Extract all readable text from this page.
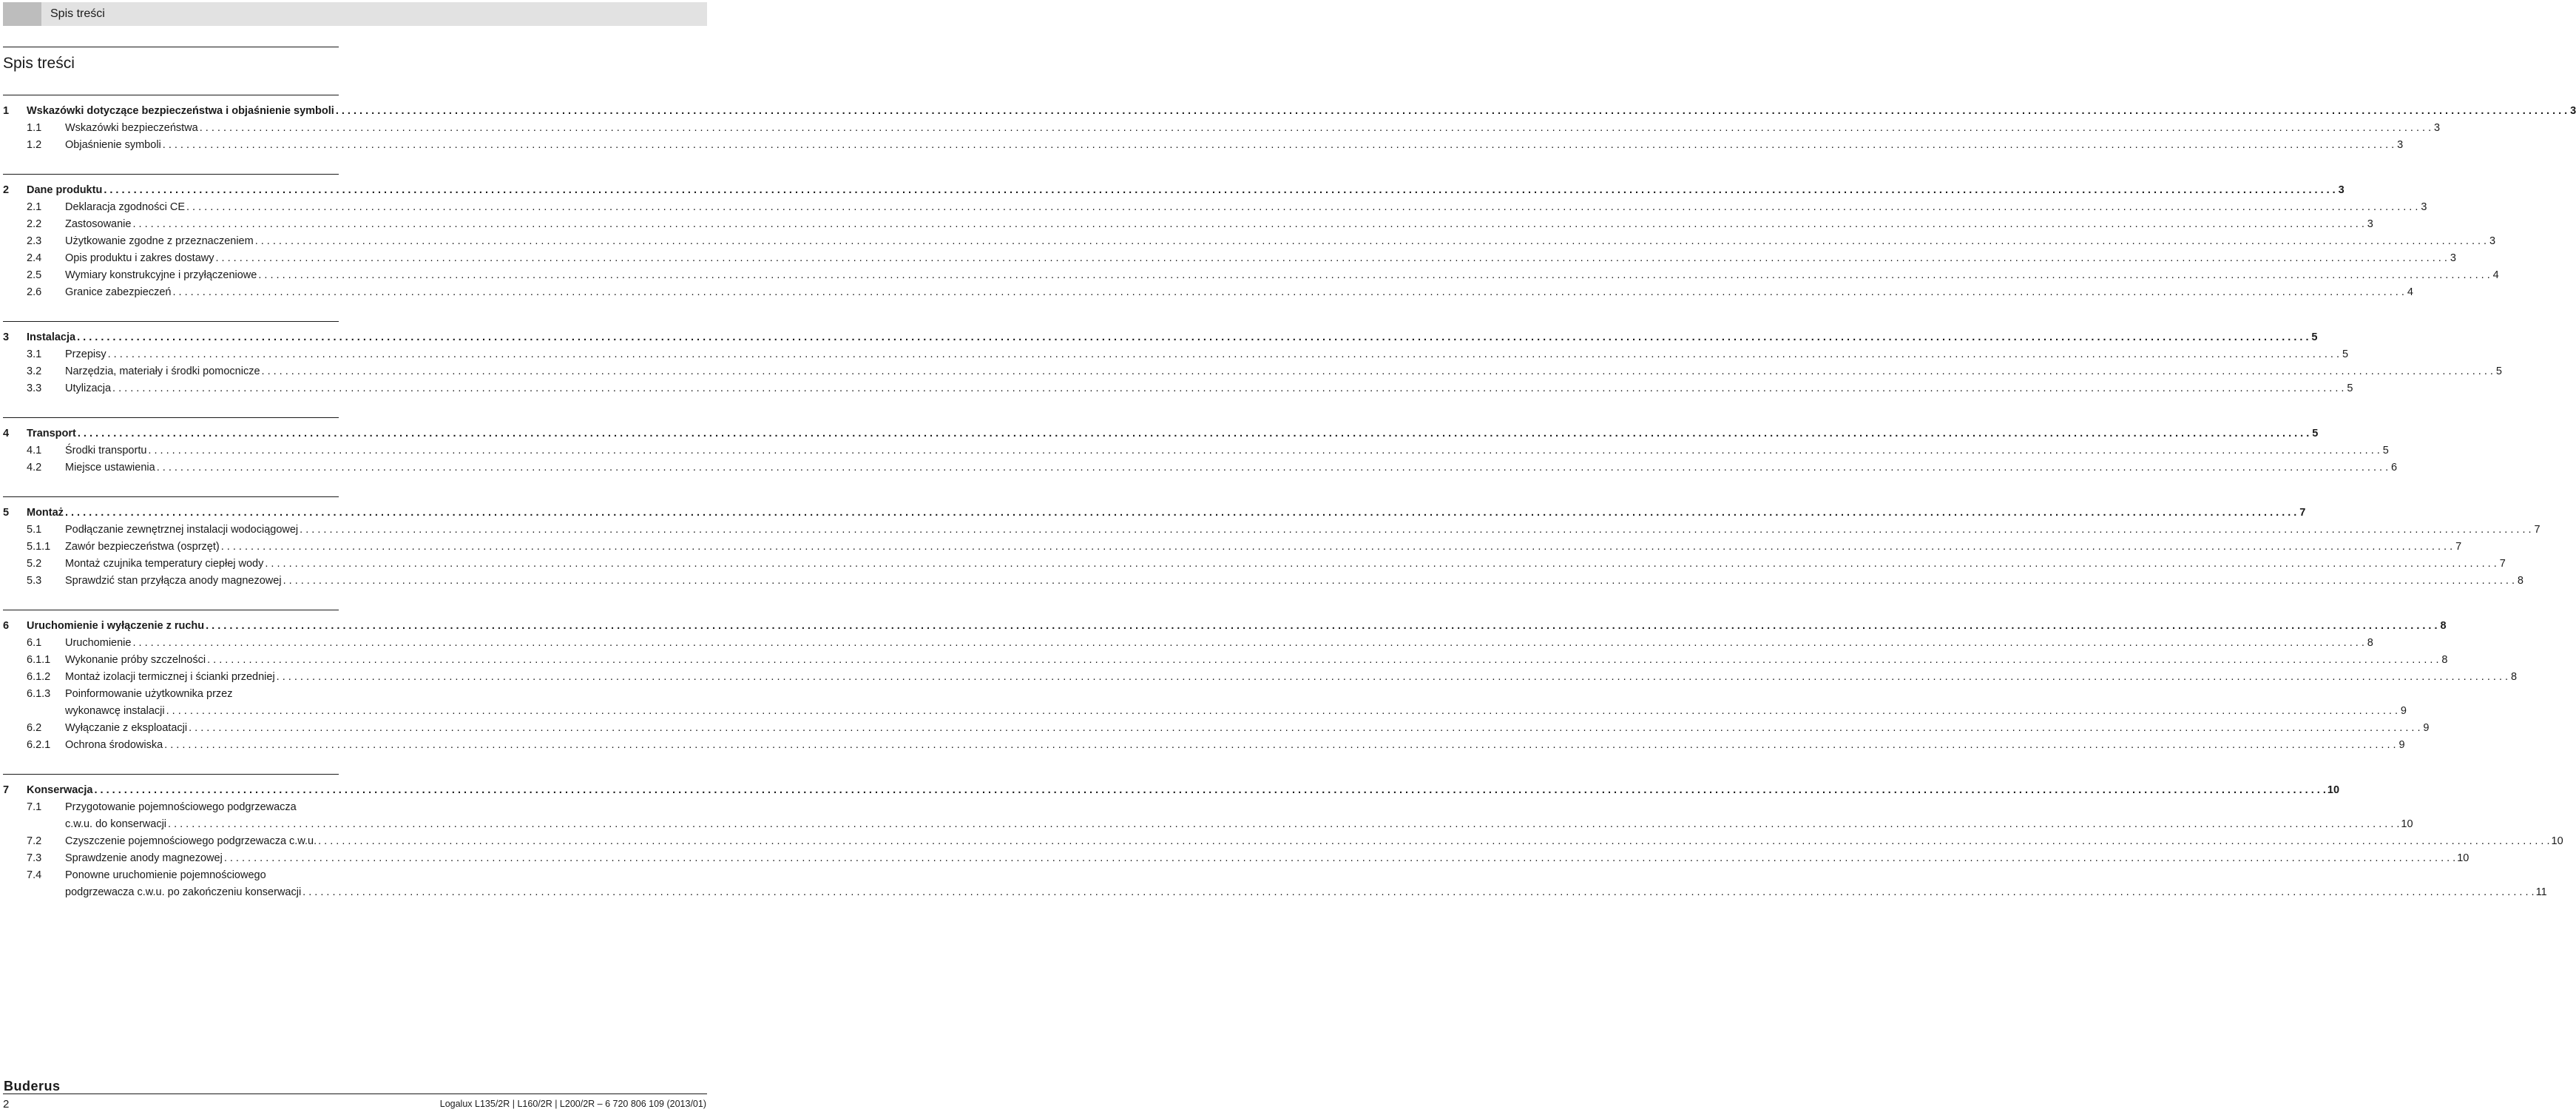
Spis treści
Spis treści
1	Wskazówki dotyczące bezpieczeństwa i objaśnienie symboli . . .	3
1.1	Wskazówki bezpieczeństwa . . .	3
1.2	Objaśnienie symboli . . .	3
2	Dane produktu . . .	3
2.1	Deklaracja zgodności CE . . .	3
2.2	Zastosowanie . . .	3
2.3	Użytkowanie zgodne z przeznaczeniem . . .	3
2.4	Opis produktu i zakres dostawy . . .	3
2.5	Wymiary konstrukcyjne i przyłączeniowe . . .	4
2.6	Granice zabezpieczeń . . .	4
3	Instalacja . . .	5
3.1	Przepisy . . .	5
3.2	Narzędzia, materiały i środki pomocnicze . . .	5
3.3	Utylizacja . . .	5
4	Transport . . .	5
4.1	Środki transportu . . .	5
4.2	Miejsce ustawienia . . .	6
5	Montaż . . .	7
5.1	Podłączanie zewnętrznej instalacji wodociągowej . . .	7
5.1.1	Zawór bezpieczeństwa (osprzęt) . . .	7
5.2	Montaż czujnika temperatury ciepłej wody . . .	7
5.3	Sprawdzić stan przyłącza anody magnezowej . . .	8
6	Uruchomienie i wyłączenie z ruchu . . .	8
6.1	Uruchomienie . . .	8
6.1.1	Wykonanie próby szczelności . . .	8
6.1.2	Montaż izolacji termicznej i ścianki przedniej . . .	8
6.1.3	Poinformowanie użytkownika przez
wykonawcę instalacji . . .	9
6.2	Wyłączanie z eksploatacji . . .	9
6.2.1	Ochrona środowiska . . .	9
7	Konserwacja . . .	10
7.1	Przygotowanie pojemnościowego podgrzewacza
c.w.u. do konserwacji . . .	10
7.2	Czyszczenie pojemnościowego podgrzewacza c.w.u. . . .	10
7.3	Sprawdzenie anody magnezowej . . .	10
7.4	Ponowne uruchomienie pojemnościowego
podgrzewacza c.w.u. po zakończeniu konserwacji . . .	11
Buderus
2	Logalux L135/2R | L160/2R | L200/2R – 6 720 806 109 (2013/01)
